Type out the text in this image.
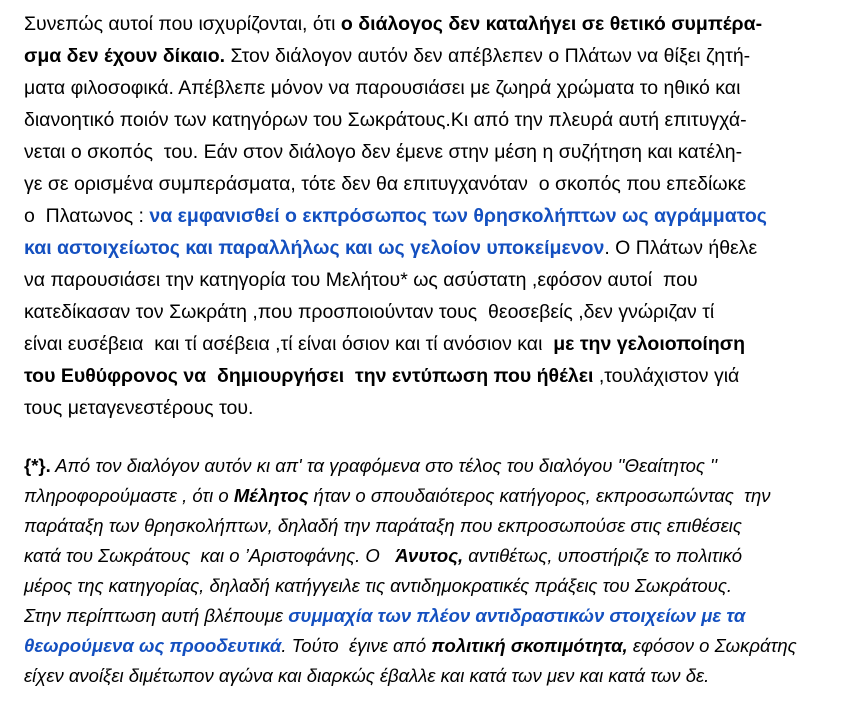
Συνεπώς αυτοί που ισχυρίζονται, ότι ο διάλογος δεν καταλήγει σε θετικό συμπέρα-
σμα δεν έχουν δίκαιο. Στον διάλογον αυτόν δεν απέβλεπεν ο Πλάτων να θίξει ζητή-
ματα φιλοσοφικά. Απέβλεπε μόνον να παρουσιάσει με ζωηρά χρώματα το ηθικό και
διανοητικό ποιόν των κατηγόρων του Σωκράτους.Κι από την πλευρά αυτή επιτυγχά-
νεται ο σκοπός  του. Εάν στον διάλογο δεν έμενε στην μέση η συζήτηση και κατέλη-
γε σε ορισμένα συμπεράσματα, τότε δεν θα επιτυγχανόταν  ο σκοπός που επεδίωκε
ο  Πλατωνος : να εμφανισθεί ο εκπρόσωπος των θρησκολήπτων ως αγράμματος
και αστοιχείωτος και παραλλήλως και ως γελοίον υποκείμενον. Ο Πλάτων ήθελε
να παρουσιάσει την κατηγορία του Μελήτου* ως ασύστατη ,εφόσον αυτοί  που
κατεδίκασαν τον Σωκράτη ,που προσποιούνταν τους  θεοσεβείς ,δεν γνώριζαν τί
είναι ευσέβεια  και τί ασέβεια ,τί είναι όσιον και τί ανόσιον και  με την γελοιοποίηση
του Ευθύφρονος να  δημιουργήσει  την εντύπωση που ήθέλει ,τουλάχιστον γιά
τους μεταγενεστέρους του.
{*}. Από τον διαλόγον αυτόν κι απ' τα γραφόμενα στο τέλος του διαλόγου ''Θεαίτητος ''
πληροφορούμαστε , ότι ο Μέλητος ήταν ο σπουδαιότερος κατήγορος, εκπροσωπώντας  την
παράταξη των θρησκολήπτων, δηλαδή την παράταξη που εκπροσωπούσε στις επιθέσεις
κατά του Σωκράτους  και ο ’Αριστοφάνης. Ο   Άνυτος, αντιθέτως, υποστήριζε το πολιτικό
μέρος της κατηγορίας, δηλαδή κατήγγειλε τις αντιδημοκρατικές πράξεις του Σωκράτους.
Στην περίπτωση αυτή βλέπουμε συμμαχία των πλέον αντιδραστικών στοιχείων με τα
θεωρούμενα ως προοδευτικά. Τούτο  έγινε από πολιτική σκοπιμότητα, εφόσον ο Σωκράτης
είχεν ανοίξει διμέτωπον αγώνα και διαρκώς έβαλλε και κατά των μεν και κατά των δε.
